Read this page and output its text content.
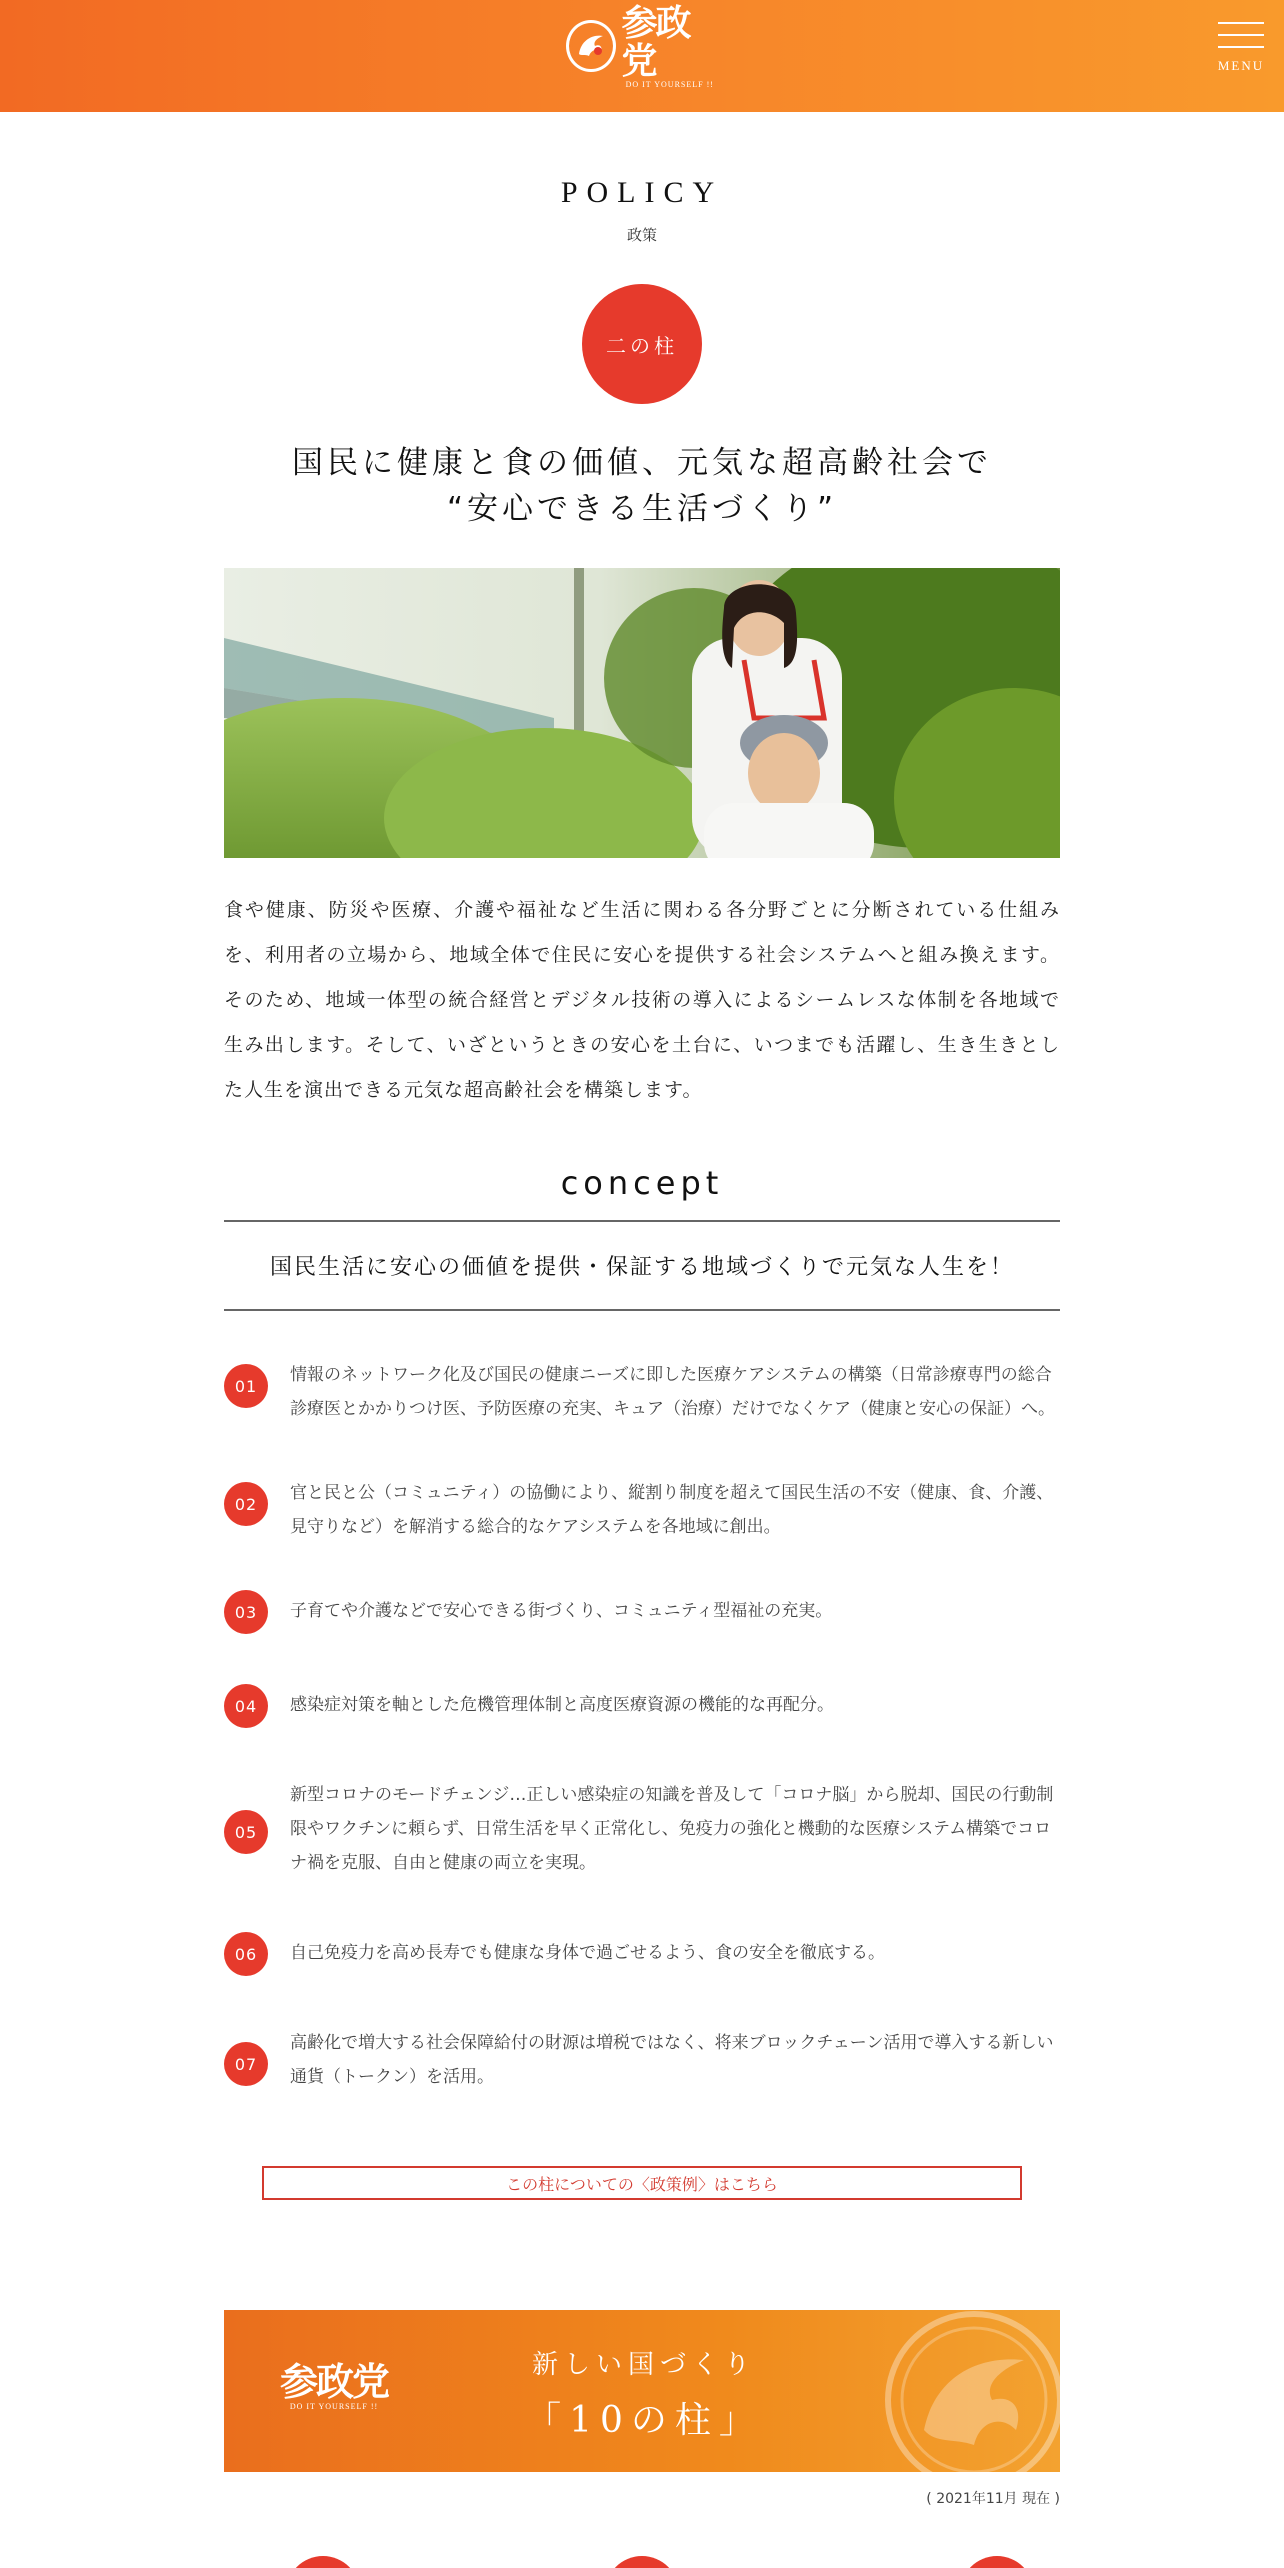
参政党
DO IT YOURSELF !!
MENU
POLICY
政策
二の柱
国民に健康と食の価値、元気な超高齢社会で
“安心できる生活づくり”

食や健康、防災や医療、介護や福祉など生活に関わる各分野ごとに分断されている仕組みを、利用者の立場から、地域全体で住民に安心を提供する社会システムへと組み換えます。そのため、地域一体型の統合経営とデジタル技術の導入によるシームレスな体制を各地域で生み出します。そして、いざというときの安心を土台に、いつまでも活躍し、生き生きとした人生を演出できる元気な超高齢社会を構築します。

concept
国民生活に安心の価値を提供・保証する地域づくりで元気な人生を！
01
情報のネットワーク化及び国民の健康ニーズに即した医療ケアシステムの構築（日常診療専門の総合診療医とかかりつけ医、予防医療の充実、キュア（治療）だけでなくケア（健康と安心の保証）へ。
02
官と民と公（コミュニティ）の協働により、縦割り制度を超えて国民生活の不安（健康、食、介護、見守りなど）を解消する総合的なケアシステムを各地域に創出。
03	子育てや介護などで安心できる街づくり、コミュニティ型福祉の充実。
04	感染症対策を軸とした危機管理体制と高度医療資源の機能的な再配分。
05
新型コロナのモードチェンジ…正しい感染症の知識を普及して「コロナ脳」から脱却、国民の行動制限やワクチンに頼らず、日常生活を早く正常化し、免疫力の強化と機動的な医療システム構築でコロナ禍を克服、自由と健康の両立を実現。
06	自己免疫力を高め長寿でも健康な身体で過ごせるよう、食の安全を徹底する。
07
高齢化で増大する社会保障給付の財源は増税ではなく、将来ブロックチェーン活用で導入する新しい通貨（トークン）を活用。
この柱についての〈政策例〉はこちら
参政党
DO IT YOURSELF !!
新しい国づくり
「10の柱」
( 2021年11月 現在 )
